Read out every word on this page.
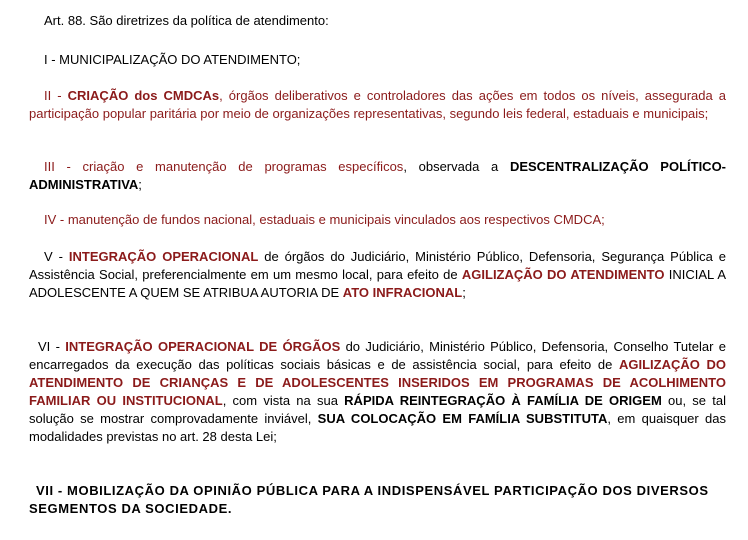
Art. 88. São diretrizes da política de atendimento:

I - MUNICIPALIZAÇÃO DO ATENDIMENTO;

II - CRIAÇÃO dos CMDCAs, órgãos deliberativos e controladores das ações em todos os níveis, assegurada a participação popular paritária por meio de organizações representativas, segundo leis federal, estaduais e municipais;

III - criação e manutenção de programas específicos, observada a DESCENTRALIZAÇÃO POLÍTICO-ADMINISTRATIVA;

IV - manutenção de fundos nacional, estaduais e municipais vinculados aos respectivos CMDCA;

V - INTEGRAÇÃO OPERACIONAL de órgãos do Judiciário, Ministério Público, Defensoria, Segurança Pública e Assistência Social, preferencialmente em um mesmo local, para efeito de AGILIZAÇÃO DO ATENDIMENTO INICIAL A ADOLESCENTE A QUEM SE ATRIBUA AUTORIA DE ATO INFRACIONAL;

VI - INTEGRAÇÃO OPERACIONAL DE ÓRGÃOS do Judiciário, Ministério Público, Defensoria, Conselho Tutelar e encarregados da execução das políticas sociais básicas e de assistência social, para efeito de AGILIZAÇÃO DO ATENDIMENTO DE CRIANÇAS E DE ADOLESCENTES INSERIDOS EM PROGRAMAS DE ACOLHIMENTO FAMILIAR OU INSTITUCIONAL, com vista na sua RÁPIDA REINTEGRAÇÃO À FAMÍLIA DE ORIGEM ou, se tal solução se mostrar comprovadamente inviável, SUA COLOCAÇÃO EM FAMÍLIA SUBSTITUTA, em quaisquer das modalidades previstas no art. 28 desta Lei;

VII - MOBILIZAÇÃO DA OPINIÃO PÚBLICA PARA A INDISPENSÁVEL PARTICIPAÇÃO DOS DIVERSOS SEGMENTOS DA SOCIEDADE.
